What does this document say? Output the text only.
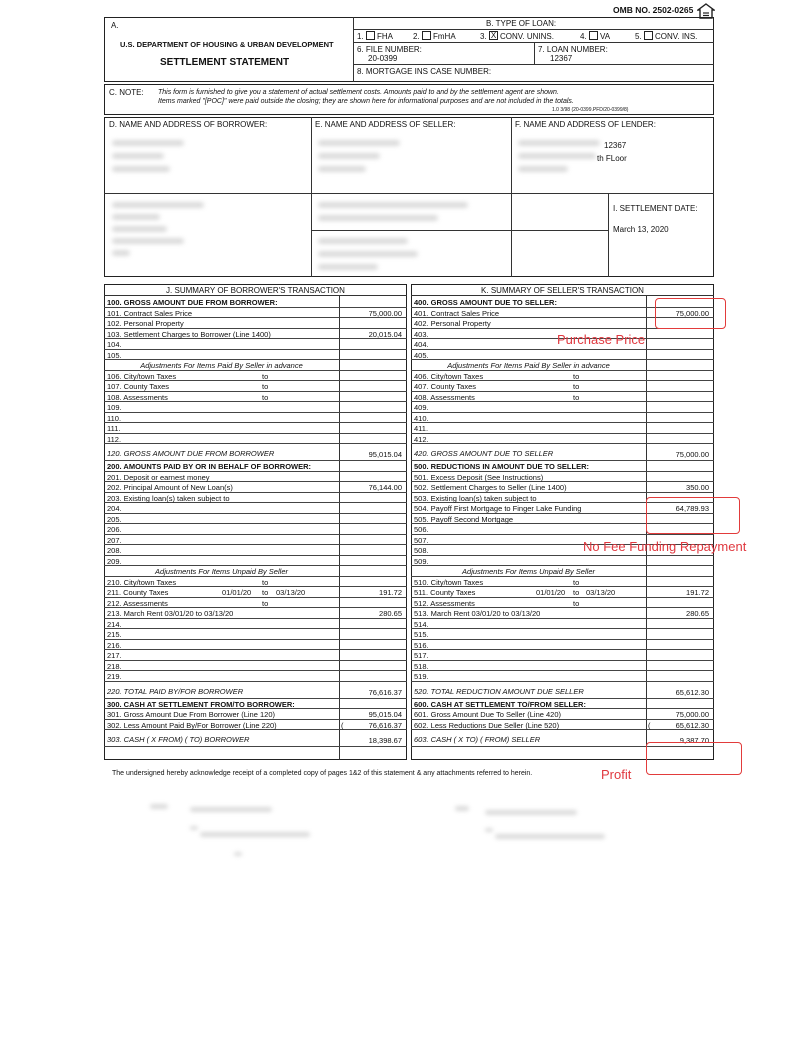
OMB NO. 2502-0265
A.
U.S. DEPARTMENT OF HOUSING & URBAN DEVELOPMENT
SETTLEMENT STATEMENT
B. TYPE OF LOAN:
1. FHA	2. FmHA	3. X CONV. UNINS.	4. VA	5. CONV. INS.
6. FILE NUMBER:
20-0399
7. LOAN NUMBER:
12367
8. MORTGAGE INS CASE NUMBER:
C. NOTE: This form is furnished to give you a statement of actual settlement costs. Amounts paid to and by the settlement agent are shown.
Items marked "[POC]" were paid outside the closing; they are shown here for informational purposes and are not included in the totals.
1.0 3/98 (20-0399.PFD/20-0399/8)
D. NAME AND ADDRESS OF BORROWER:	E. NAME AND ADDRESS OF SELLER:	F. NAME AND ADDRESS OF LENDER:
12367
th FLoor
I. SETTLEMENT DATE:
March 13, 2020
J. SUMMARY OF BORROWER'S TRANSACTION	K. SUMMARY OF SELLER'S TRANSACTION
100. GROSS AMOUNT DUE FROM BORROWER:
101. Contract Sales Price	75,000.00
102. Personal Property
103. Settlement Charges to Borrower (Line 1400)	20,015.04
104.
105.
Adjustments For Items Paid By Seller in advance
106. City/town Taxes	to
107. County Taxes	to
108. Assessments	to
109.
110.
111.
112.
120. GROSS AMOUNT DUE FROM BORROWER	95,015.04
200. AMOUNTS PAID BY OR IN BEHALF OF BORROWER:
201. Deposit or earnest money
202. Principal Amount of New Loan(s)	76,144.00
203. Existing loan(s) taken subject to
204.
205.
206.
207.
208.
209.
Adjustments For Items Unpaid By Seller
210. City/town Taxes	to
211. County Taxes	01/01/20 to 03/13/20	191.72
212. Assessments	to
213. March Rent 03/01/20 to 03/13/20	280.65
214.
215.
216.
217.
218.
219.
220. TOTAL PAID BY/FOR BORROWER	76,616.37
300. CASH AT SETTLEMENT FROM/TO BORROWER:
301. Gross Amount Due From Borrower (Line 120)	95,015.04
302. Less Amount Paid By/For Borrower (Line 220)	(	76,616.37
303. CASH ( X FROM) ( TO) BORROWER	18,398.67
400. GROSS AMOUNT DUE TO SELLER:
401. Contract Sales Price	75,000.00
402. Personal Property
403.
404.
405.
Adjustments For Items Paid By Seller in advance
406. City/town Taxes	to
407. County Taxes	to
408. Assessments	to
409.
410.
411.
412.
420. GROSS AMOUNT DUE TO SELLER	75,000.00
500. REDUCTIONS IN AMOUNT DUE TO SELLER:
501. Excess Deposit (See Instructions)
502. Settlement Charges to Seller (Line 1400)	350.00
503. Existing loan(s) taken subject to
504. Payoff First Mortgage to Finger Lake Funding	64,789.93
505. Payoff Second Mortgage
506.
507.
508.
509.
Adjustments For Items Unpaid By Seller
510. City/town Taxes	to
511. County Taxes	01/01/20 to 03/13/20	191.72
512. Assessments	to
513. March Rent 03/01/20 to 03/13/20	280.65
514.
515.
516.
517.
518.
519.
520. TOTAL REDUCTION AMOUNT DUE SELLER	65,612.30
600. CASH AT SETTLEMENT TO/FROM SELLER:
601. Gross Amount Due To Seller (Line 420)	75,000.00
602. Less Reductions Due Seller (Line 520)	(	65,612.30
603. CASH ( X TO) ( FROM) SELLER	9,387.70
The undersigned hereby acknowledge receipt of a completed copy of pages 1&2 of this statement & any attachments referred to herein.
Purchase Price
No Fee Funding Repayment
Profit
